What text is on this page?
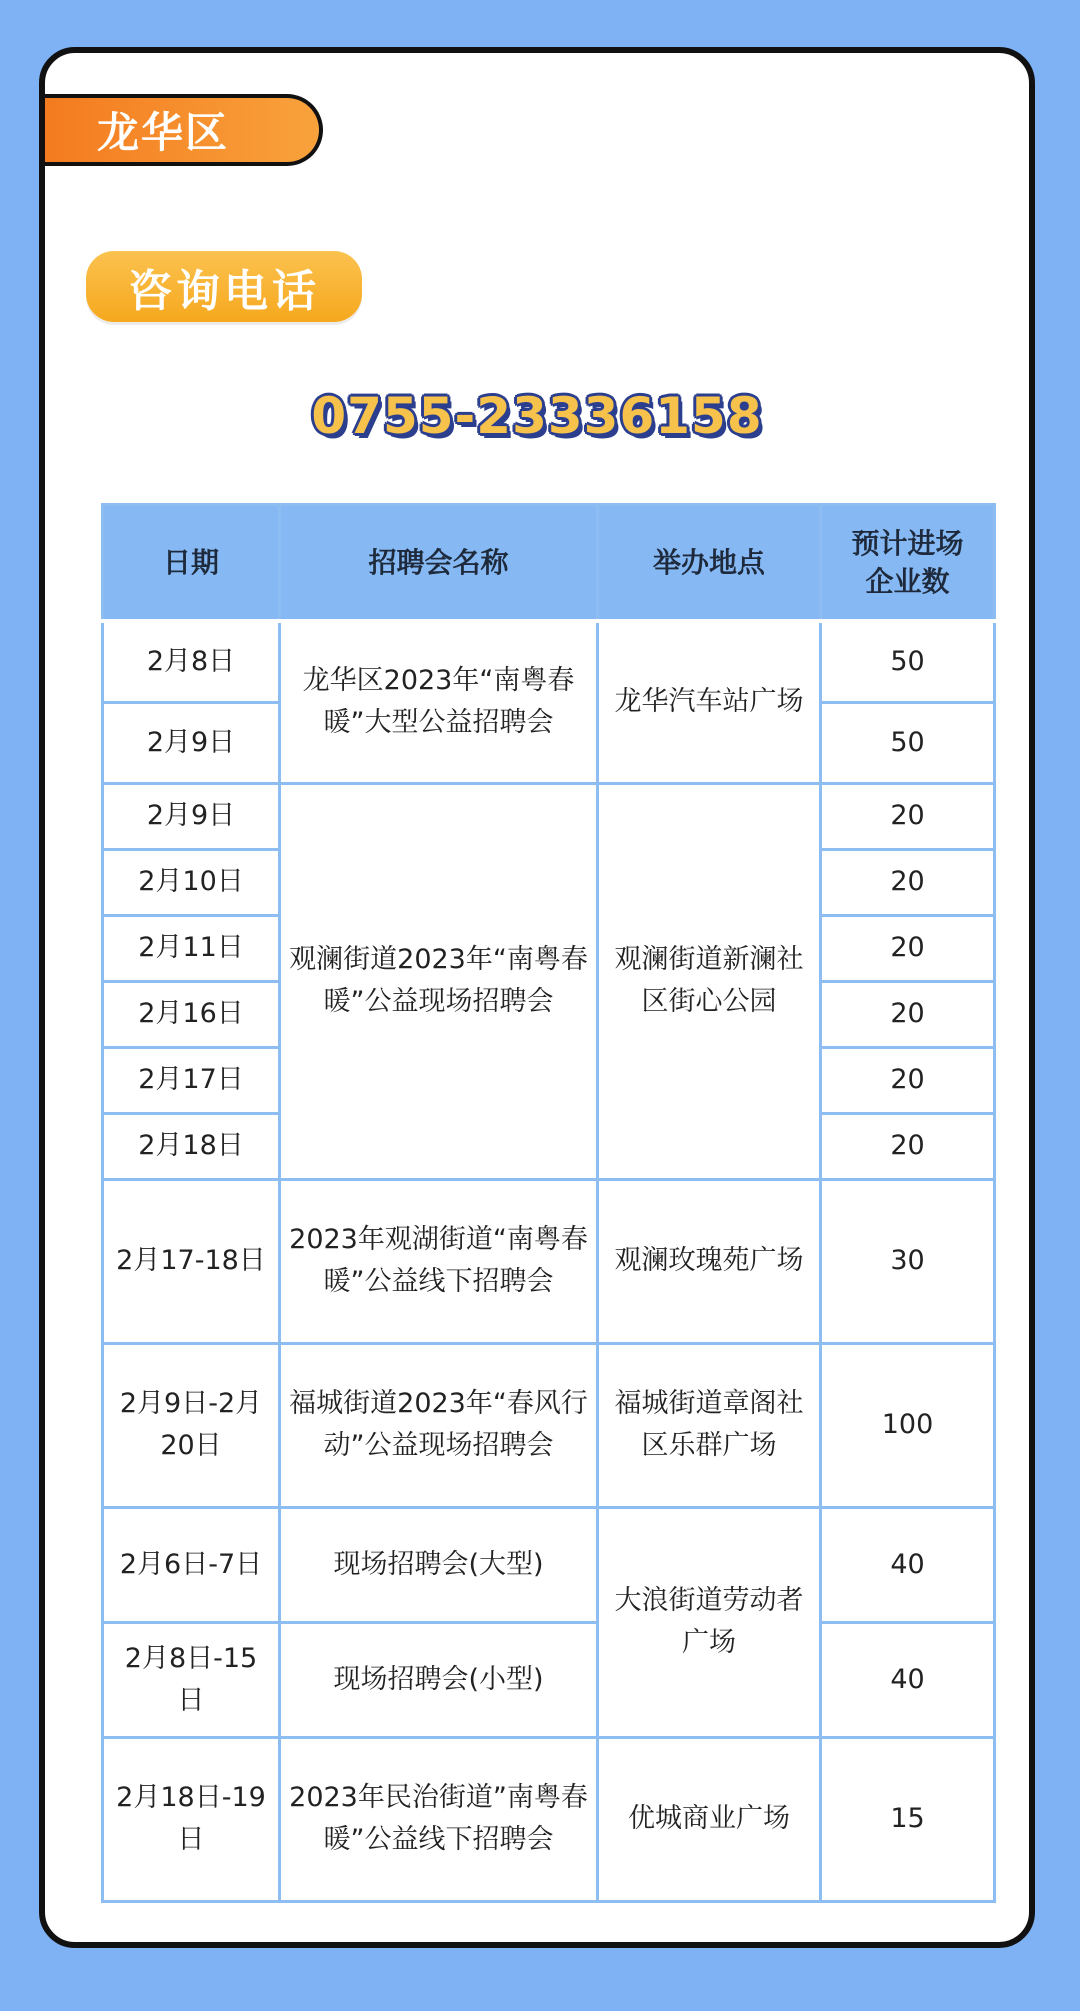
龙华区
咨询电话
0755-23336158
日期	招聘会名称	举办地点	预计进场企业数
2月8日	龙华区2023年“南粤春暖”大型公益招聘会	龙华汽车站广场	50
2月9日			50
2月9日	观澜街道2023年“南粤春暖”公益现场招聘会	观澜街道新澜社区街心公园	20
2月10日			20
2月11日			20
2月16日			20
2月17日			20
2月18日			20
2月17-18日	2023年观湖街道“南粤春暖”公益线下招聘会	观澜玫瑰苑广场	30
2月9日-2月20日	福城街道2023年“春风行动”公益现场招聘会	福城街道章阁社区乐群广场	100
2月6日-7日	现场招聘会(大型)	大浪街道劳动者广场	40
2月8日-15日	现场招聘会(小型)		40
2月18日-19日	2023年民治街道”南粤春暖”公益线下招聘会	优城商业广场	15
